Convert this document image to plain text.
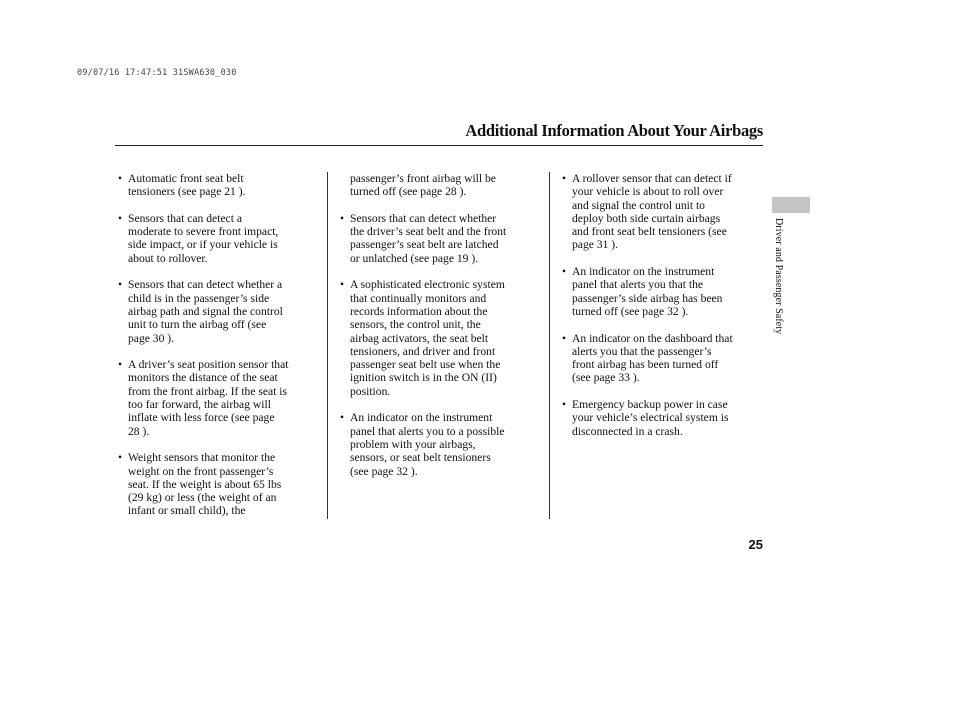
09/07/16 17:47:51 31SWA630_030
Additional Information About Your Airbags
• Automatic front seat belt
tensioners (see page 21 ).

• Sensors that can detect a
moderate to severe front impact,
side impact, or if your vehicle is
about to rollover.

• Sensors that can detect whether a
child is in the passenger’s side
airbag path and signal the control
unit to turn the airbag off (see
page 30 ).

• A driver’s seat position sensor that
monitors the distance of the seat
from the front airbag. If the seat is
too far forward, the airbag will
inflate with less force (see page
28 ).

• Weight sensors that monitor the
weight on the front passenger’s
seat. If the weight is about 65 lbs
(29 kg) or less (the weight of an
infant or small child), the

passenger’s front airbag will be
turned off (see page 28 ).

• Sensors that can detect whether
the driver’s seat belt and the front
passenger’s seat belt are latched
or unlatched (see page 19 ).

• A sophisticated electronic system
that continually monitors and
records information about the
sensors, the control unit, the
airbag activators, the seat belt
tensioners, and driver and front
passenger seat belt use when the
ignition switch is in the ON (II)
position.

• An indicator on the instrument
panel that alerts you to a possible
problem with your airbags,
sensors, or seat belt tensioners
(see page 32 ).

• A rollover sensor that can detect if
your vehicle is about to roll over
and signal the control unit to
deploy both side curtain airbags
and front seat belt tensioners (see
page 31 ).

• An indicator on the instrument
panel that alerts you that the
passenger’s side airbag has been
turned off (see page 32 ).

• An indicator on the dashboard that
alerts you that the passenger’s
front airbag has been turned off
(see page 33 ).

• Emergency backup power in case
your vehicle’s electrical system is
disconnected in a crash.

Driver and Passenger Safety
25
